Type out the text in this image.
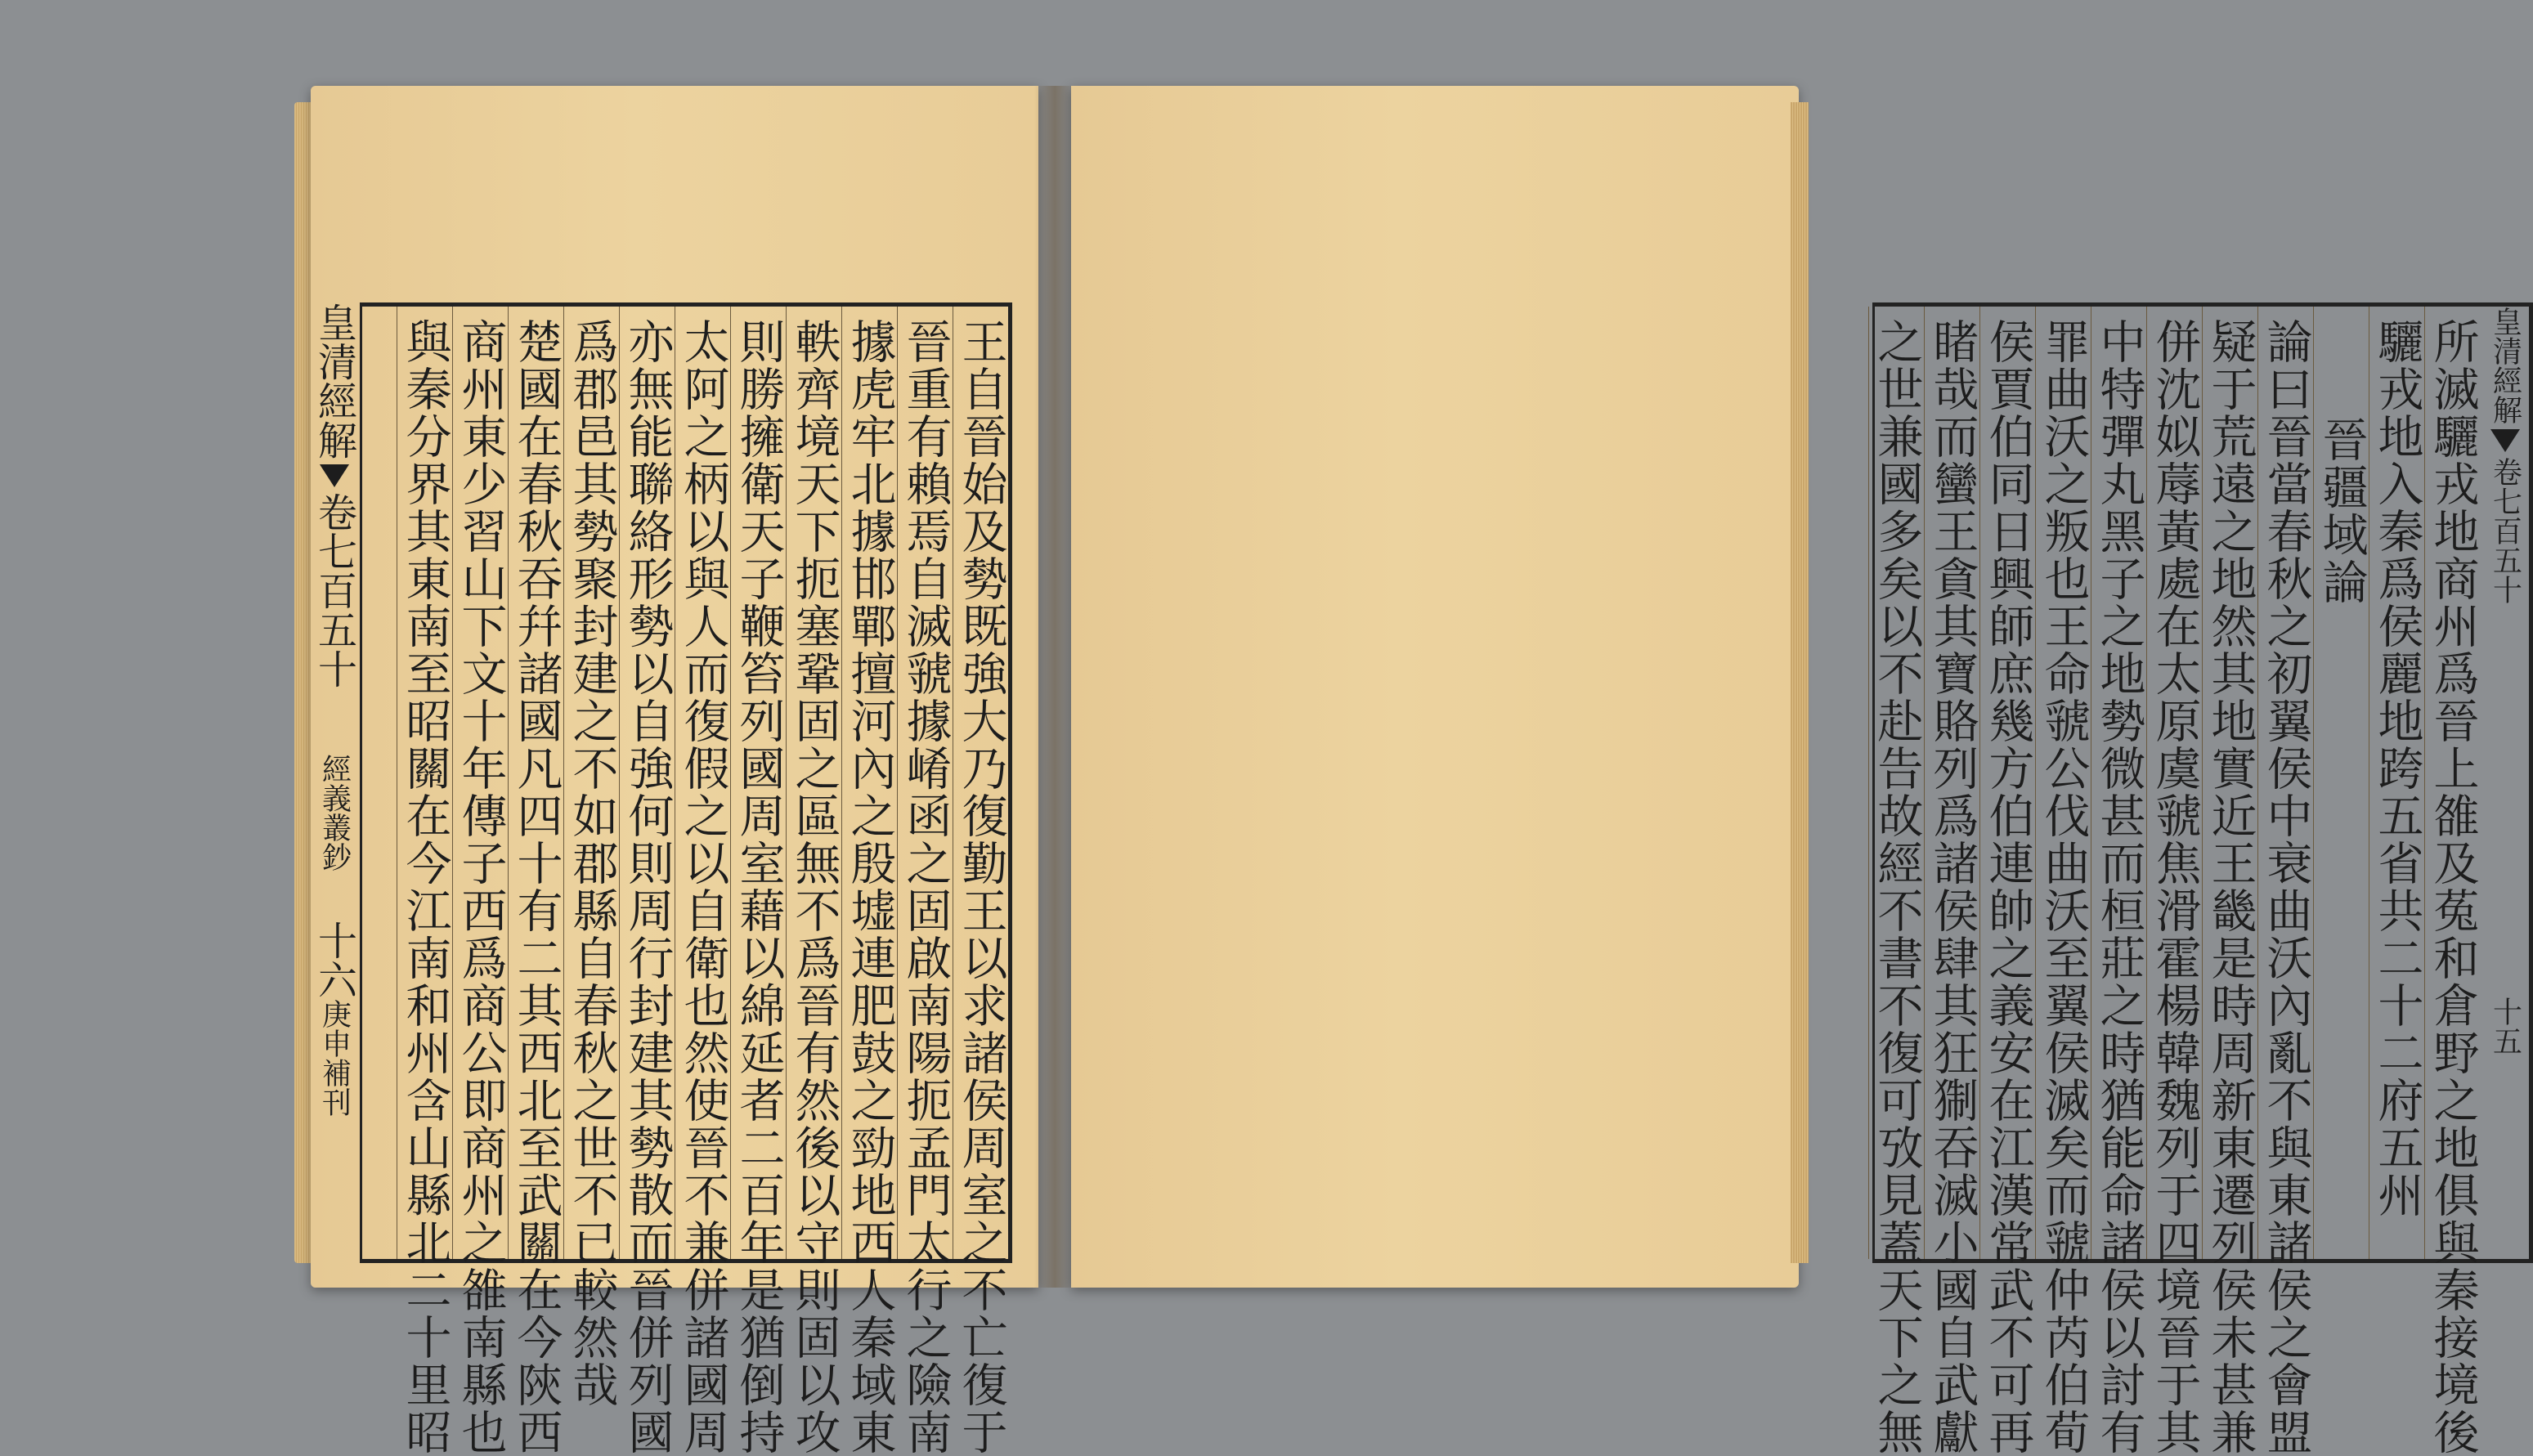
王自晉始及勢既強大乃復勤王以求諸侯周室之不亡復于
晉重有賴焉自滅虢據崤函之固啟南陽扼孟門太行之險南
據虎牢北據邯鄲擅河內之殷墟連肥鼓之勁地西人秦域東
軼齊境天下扼塞鞏固之區無不爲晉有然後以守則固以攻
則勝擁衛天子鞭笞列國周室藉以綿延者二百年是猶倒持
太阿之柄以與人而復假之以自衛也然使晉不兼併諸國周
亦無能聯絡形勢以自強何則周行封建其勢散而晉併列國
爲郡邑其勢聚封建之不如郡縣自春秋之世不已較然哉
楚國在春秋吞幷諸國凡四十有二其西北至武關在今陝西
商州東少習山下文十年傳子西爲商公即商州之雒南縣也
與秦分界其東南至昭關在今江南和州含山縣北二十里昭
皇清經解
卷七百五十
經義叢鈔
十六
庚申補刊	所滅驪戎地商州爲晉上雒及菟和倉野之地俱與秦接境後
驪戎地入秦爲侯麗地跨五省共二十二府五州
晉疆域論
論曰晉當春秋之初翼侯中衰曲沃內亂不與東諸侯之會盟
疑于荒遠之地然其地實近王畿是時周新東遷列侯未甚兼
併沈姒蓐黃處在太原虞虢焦滑霍楊韓魏列于四境晉于其
中特彈丸黑子之地勢微甚而桓莊之時猶能命諸侯以討有
罪曲沃之叛也王命虢公伐曲沃至翼侯滅矣而虢仲芮伯荀
侯賈伯同日興師庶幾方伯連帥之義安在江漢常武不可再
睹哉而蠻王貪其寶賂列爲諸侯肆其狂猘吞滅小國自武獻
之世兼國多矣以不赴告故經不書不復可攷見蓋天下之無	皇清經解
卷七百五十
十五
